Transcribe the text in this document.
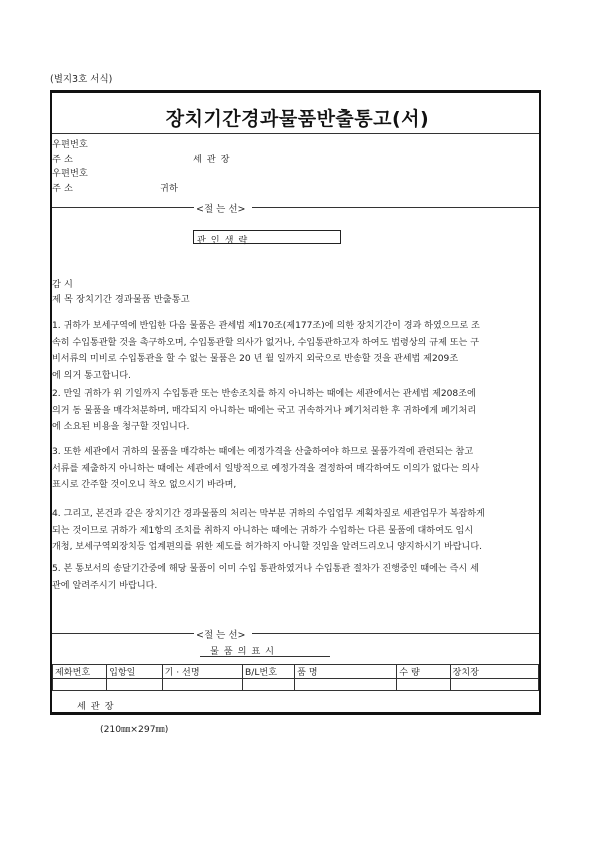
(별지3호 서식)
장치기간경과물품반출통고(서)
우편번호
주 소	세 관 장
우편번호
주 소	귀하
<절 는 선>
관 인 생 략
감 시
제 목 장치기간 경과물품 반출통고
1. 귀하가 보세구역에 반입한 다음 물품은 관세법 제170조(제177조)에 의한 장치기간이 경과 하였으므로 조
속히 수입통관할 것을 촉구하오며, 수입통관할 의사가 없거나, 수입통관하고자 하여도 법령상의 규제 또는 구
비서류의 미비로 수입통관을 할 수 없는 물품은 20 년 월 일까지 외국으로 반송할 것을 관세법 제209조
에 의거 통고합니다.
2. 만일 귀하가 위 기일까지 수입통관 또는 반송조치를 하지 아니하는 때에는 세관에서는 관세법 제208조에
의거 동 물품을 매각처분하며, 매각되지 아니하는 때에는 국고 귀속하거나 폐기처리한 후 귀하에게 폐기처리
에 소요된 비용을 청구할 것입니다.
3. 또한 세관에서 귀하의 물품을 매각하는 때에는 예정가격을 산출하여야 하므로 물품가격에 관련되는 참고
서류를 제출하지 아니하는 때에는 세관에서 일방적으로 예정가격을 결정하여 매각하여도 이의가 없다는 의사
표시로 간주할 것이오니 착오 없으시기 바라며,
4. 그리고, 본건과 같은 장치기간 경과물품의 처리는 막부분 귀하의 수입업무 계획차질로 세관업무가 복잡하게
되는 것이므로 귀하가 제1항의 조치를 취하지 아니하는 때에는 귀하가 수입하는 다른 물품에 대하여도 임시
개청, 보세구역외장치등 업계편의를 위한 제도를 허가하지 아니할 것임을 알려드리오니 양지하시기 바랍니다.
5. 본 통보서의 송달기간중에 해당 물품이 이미 수입 통관하였거나 수입통관 절차가 진행중인 때에는 즉시 세
관에 알려주시기 바랍니다.
<절 는 선>
물 품 의 표 시
제화번호	입항일	기 · 선명	B/L번호	품 명	수 량	장치장

세 관 장
(210㎜×297㎜)
